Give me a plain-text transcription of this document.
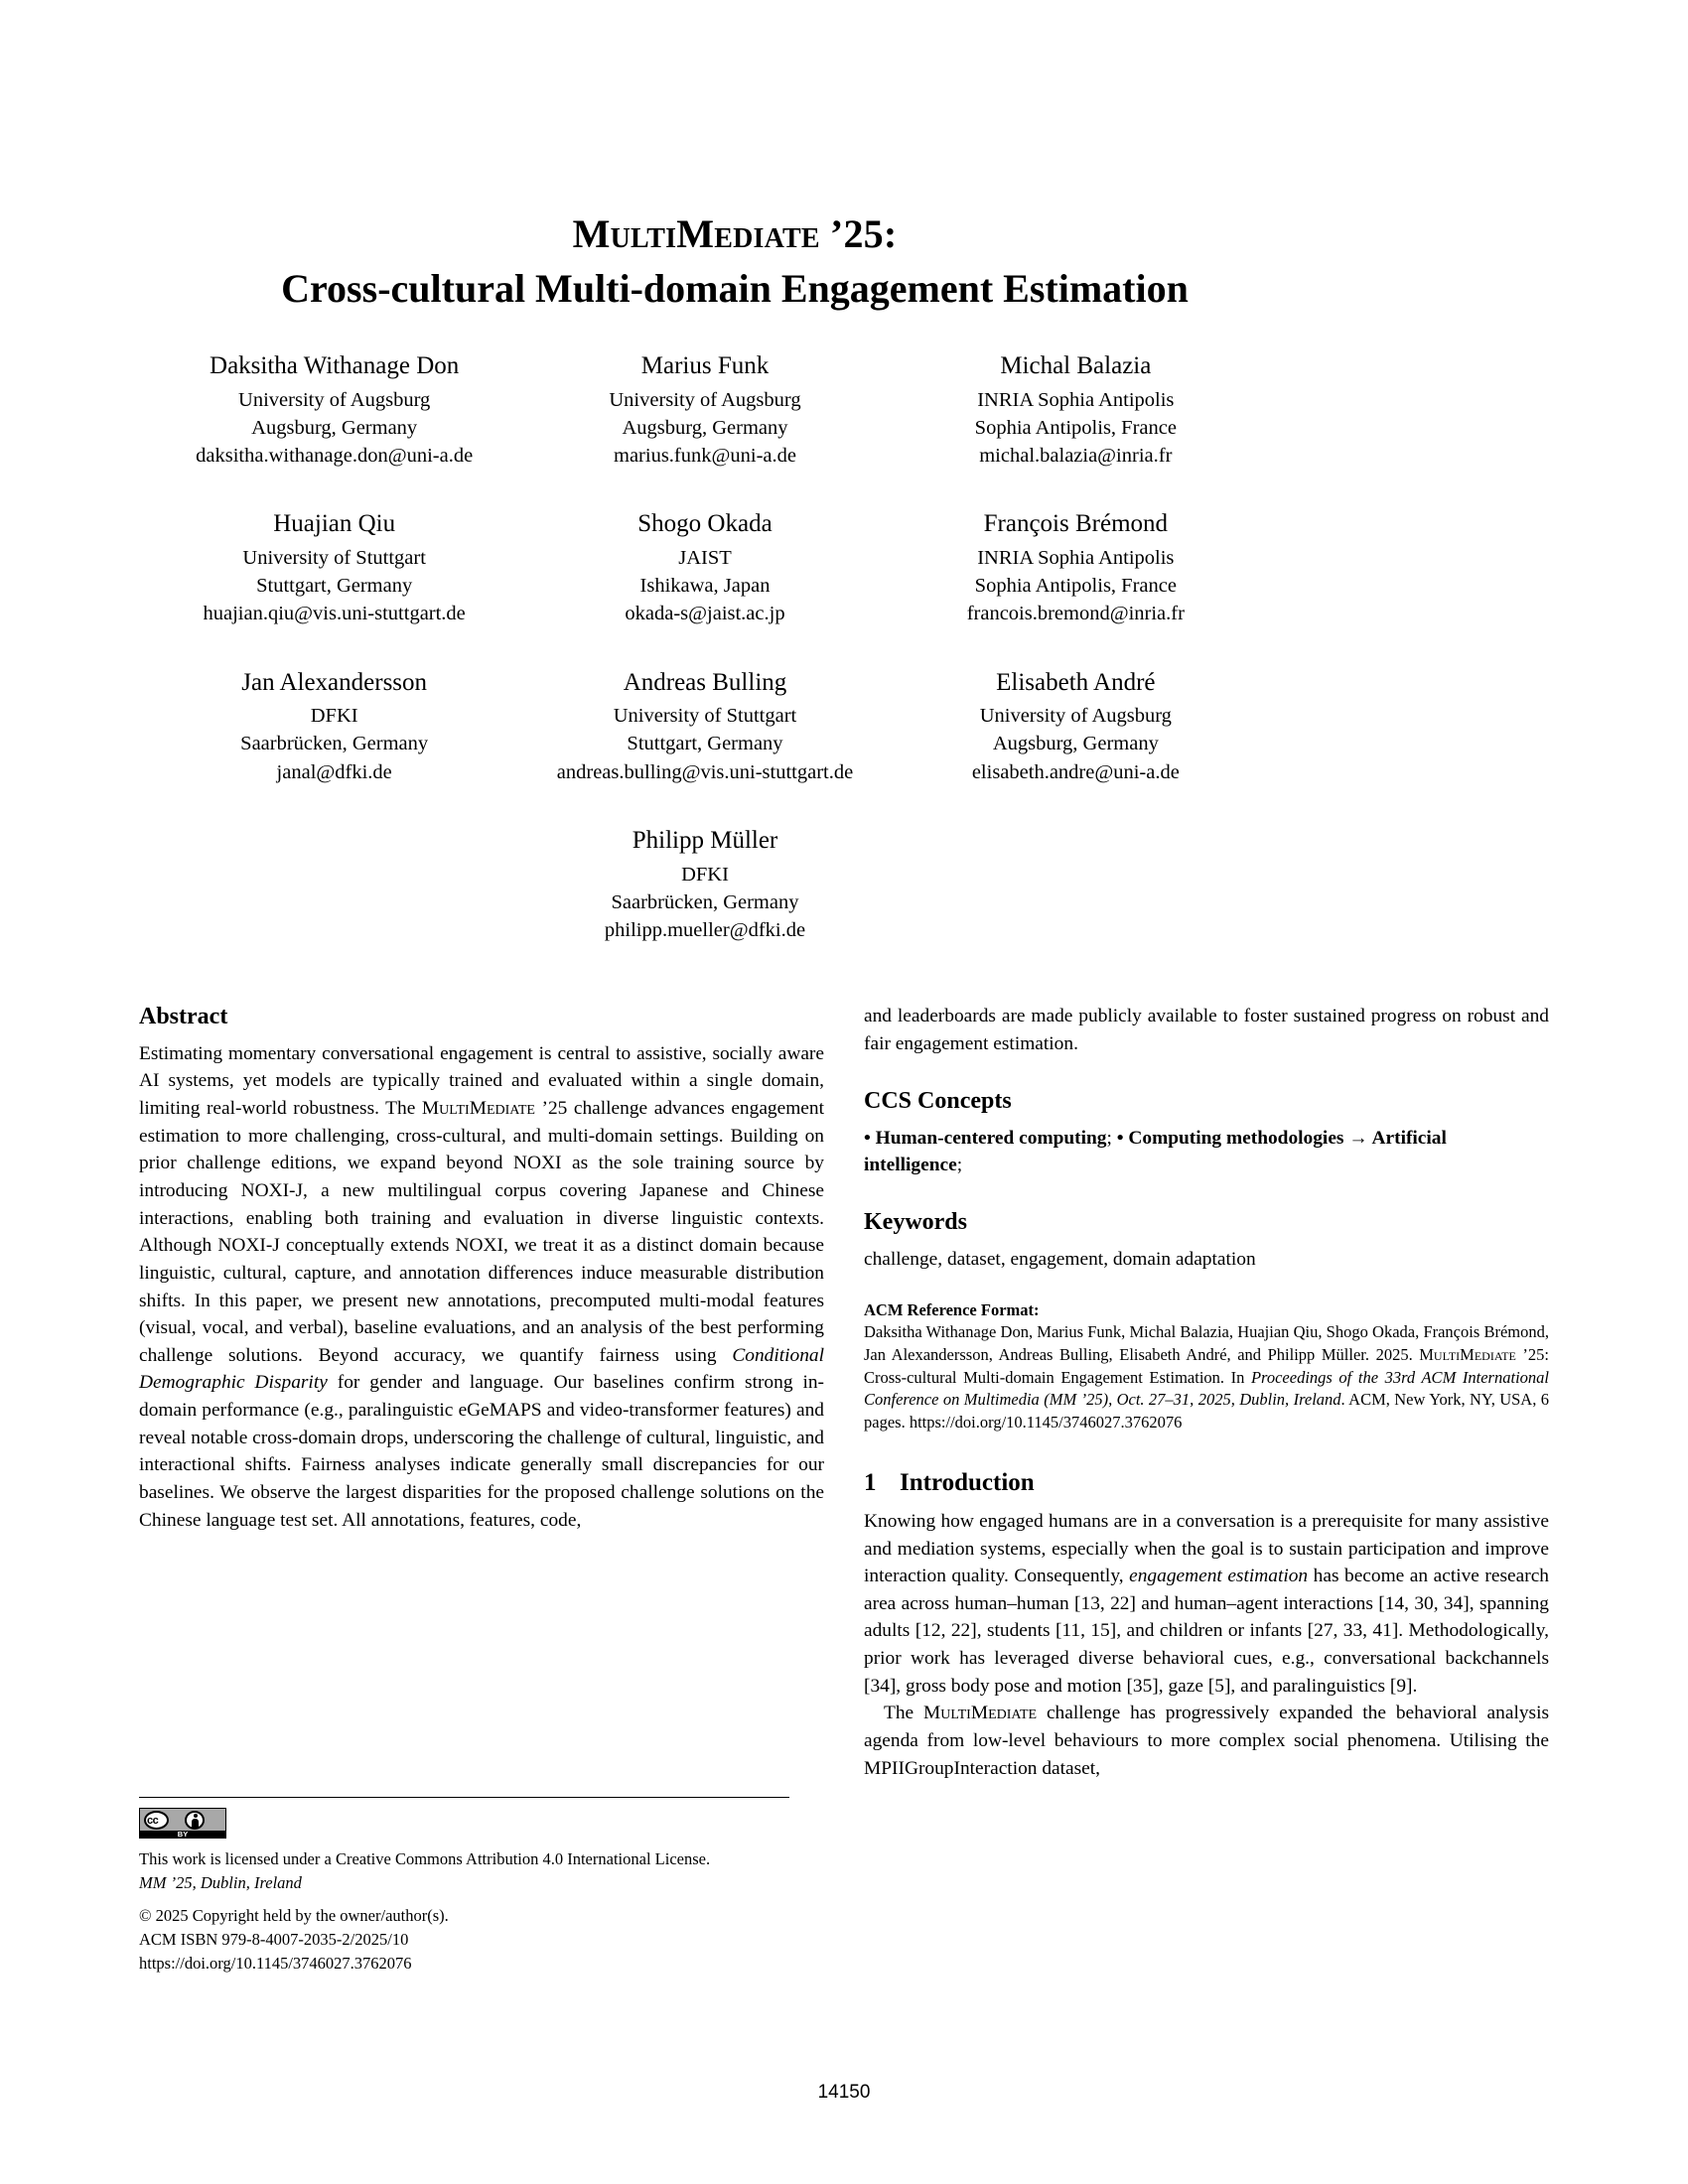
MultiMediate ’25:
Cross-cultural Multi-domain Engagement Estimation
Daksitha Withanage Don
University of Augsburg
Augsburg, Germany
daksitha.withanage.don@uni-a.de
Marius Funk
University of Augsburg
Augsburg, Germany
marius.funk@uni-a.de
Michal Balazia
INRIA Sophia Antipolis
Sophia Antipolis, France
michal.balazia@inria.fr
Huajian Qiu
University of Stuttgart
Stuttgart, Germany
huajian.qiu@vis.uni-stuttgart.de
Shogo Okada
JAIST
Ishikawa, Japan
okada-s@jaist.ac.jp
François Brémond
INRIA Sophia Antipolis
Sophia Antipolis, France
francois.bremond@inria.fr
Jan Alexandersson
DFKI
Saarbrücken, Germany
janal@dfki.de
Andreas Bulling
University of Stuttgart
Stuttgart, Germany
andreas.bulling@vis.uni-stuttgart.de
Elisabeth André
University of Augsburg
Augsburg, Germany
elisabeth.andre@uni-a.de
Philipp Müller
DFKI
Saarbrücken, Germany
philipp.mueller@dfki.de
Abstract

Estimating momentary conversational engagement is central to assistive, socially aware AI systems, yet models are typically trained and evaluated within a single domain, limiting real-world robustness. The MultiMediate ’25 challenge advances engagement estimation to more challenging, cross-cultural, and multi-domain settings. Building on prior challenge editions, we expand beyond NOXI as the sole training source by introducing NOXI-J, a new multilingual corpus covering Japanese and Chinese interactions, enabling both training and evaluation in diverse linguistic contexts. Although NOXI-J conceptually extends NOXI, we treat it as a distinct domain because linguistic, cultural, capture, and annotation differences induce measurable distribution shifts. In this paper, we present new annotations, precomputed multi-modal features (visual, vocal, and verbal), baseline evaluations, and an analysis of the best performing challenge solutions. Beyond accuracy, we quantify fairness using Conditional Demographic Disparity for gender and language. Our baselines confirm strong in-domain performance (e.g., paralinguistic eGeMAPS and video-transformer features) and reveal notable cross-domain drops, underscoring the challenge of cultural, linguistic, and interactional shifts. Fairness analyses indicate generally small discrepancies for our baselines. We observe the largest disparities for the proposed challenge solutions on the Chinese language test set. All annotations, features, code,

cc
BY
This work is licensed under a Creative Commons Attribution 4.0 International License.
MM ’25, Dublin, Ireland
© 2025 Copyright held by the owner/author(s).
ACM ISBN 979-8-4007-2035-2/2025/10
https://doi.org/10.1145/3746027.3762076

and leaderboards are made publicly available to foster sustained progress on robust and fair engagement estimation.

CCS Concepts

• Human-centered computing; • Computing methodologies → Artificial intelligence;

Keywords

challenge, dataset, engagement, domain adaptation

ACM Reference Format:

Daksitha Withanage Don, Marius Funk, Michal Balazia, Huajian Qiu, Shogo Okada, François Brémond, Jan Alexandersson, Andreas Bulling, Elisabeth André, and Philipp Müller. 2025. MultiMediate ’25: Cross-cultural Multi-domain Engagement Estimation. In Proceedings of the 33rd ACM International Conference on Multimedia (MM ’25), Oct. 27–31, 2025, Dublin, Ireland. ACM, New York, NY, USA, 6 pages. https://doi.org/10.1145/3746027.3762076

1 Introduction

Knowing how engaged humans are in a conversation is a prerequisite for many assistive and mediation systems, especially when the goal is to sustain participation and improve interaction quality. Consequently, engagement estimation has become an active research area across human–human [13, 22] and human–agent interactions [14, 30, 34], spanning adults [12, 22], students [11, 15], and children or infants [27, 33, 41]. Methodologically, prior work has leveraged diverse behavioral cues, e.g., conversational backchannels [34], gross body pose and motion [35], gaze [5], and paralinguistics [9].

The MultiMediate challenge has progressively expanded the behavioral analysis agenda from low-level behaviours to more complex social phenomena. Utilising the MPIIGroupInteraction dataset,

14150
